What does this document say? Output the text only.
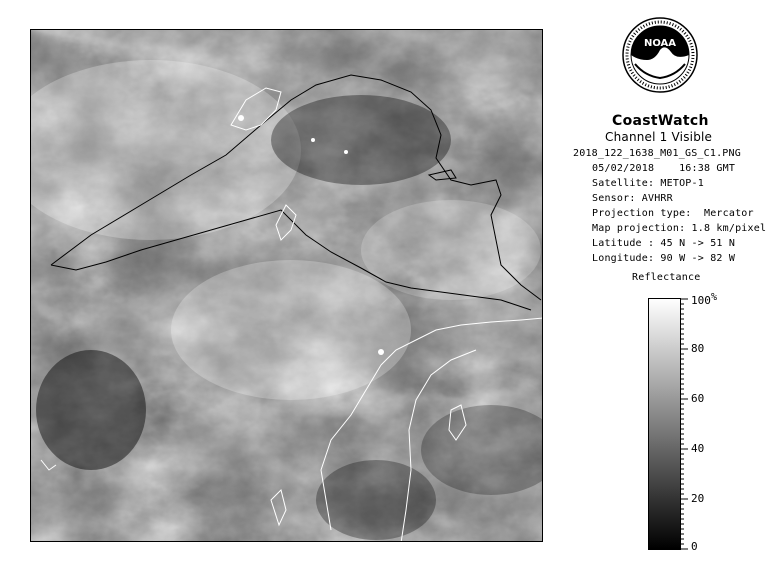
NOAA
CoastWatch
Channel 1 Visible
2018_122_1638_M01_GS_C1.PNG
05/02/2018    16:38 GMT
Satellite: METOP-1
Sensor: AVHRR
Projection type:  Mercator
Map projection: 1.8 km/pixel
Latitude : 45 N -> 51 N
Longitude: 90 W -> 82 W
Reflectance
100
80
60
40
20
0
%
